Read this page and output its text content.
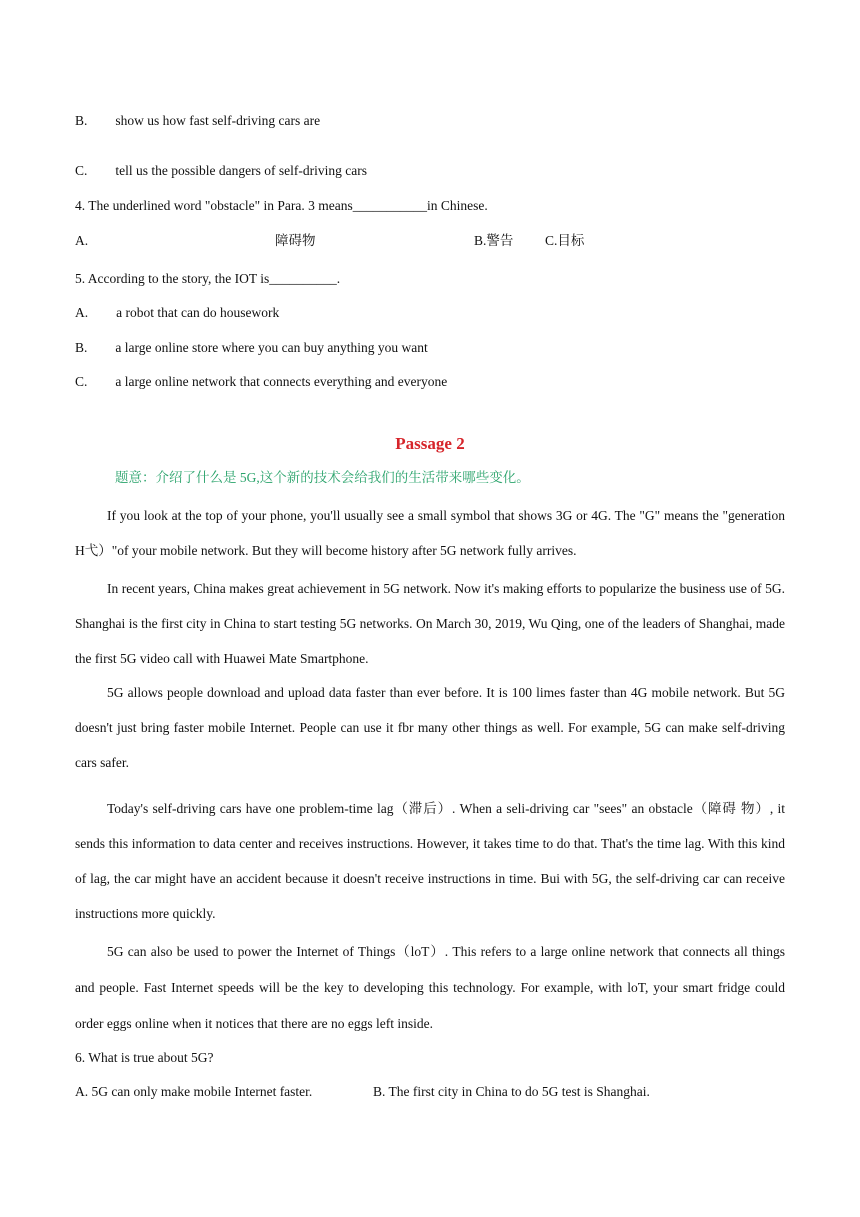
B. show us how fast self-driving cars are
C. tell us the possible dangers of self-driving cars
4. The underlined word "obstacle" in Para. 3 means___________in Chinese.
A.	障碍物	B.警告 C.目标
5. According to the story, the IOT is__________.
A. a robot that can do housework
B. a large online store where you can buy anything you want
C. a large online network that connects everything and everyone
Passage 2
题意：介绍了什么是 5G,这个新的技术会给我们的生活带来哪些变化。
If you look at the top of your phone, you'll usually see a small symbol that shows 3G or 4G. The "G" means the "generation H弋）"of your mobile network. But they will become history after 5G network fully arrives.
In recent years, China makes great achievement in 5G network. Now it's making efforts to popularize the business use of 5G. Shanghai is the first city in China to start testing 5G networks. On March 30, 2019, Wu Qing, one of the leaders of Shanghai, made the first 5G video call with Huawei Mate Smartphone.
5G allows people download and upload data faster than ever before. It is 100 limes faster than 4G mobile network. But 5G doesn't just bring faster mobile Internet. People can use it fbr many other things as well. For example, 5G can make self-driving cars safer.
Today's self-driving cars have one problem-time lag（滞后）. When a seli-driving car "sees" an obstacle（障碍 物）, it sends this information to data center and receives instructions. However, it takes time to do that. That's the time lag. With this kind of lag, the car might have an accident because it doesn't receive instructions in time. Bui with 5G, the self-driving car can receive instructions more quickly.
5G can also be used to power the Internet of Things（loT）. This refers to a large online network that connects all things and people. Fast Internet speeds will be the key to developing this technology. For example, with loT, your smart fridge could order eggs online when it notices that there are no eggs left inside.
6. What is true about 5G?
A. 5G can only make mobile Internet faster.	B. The first city in China to do 5G test is Shanghai.
